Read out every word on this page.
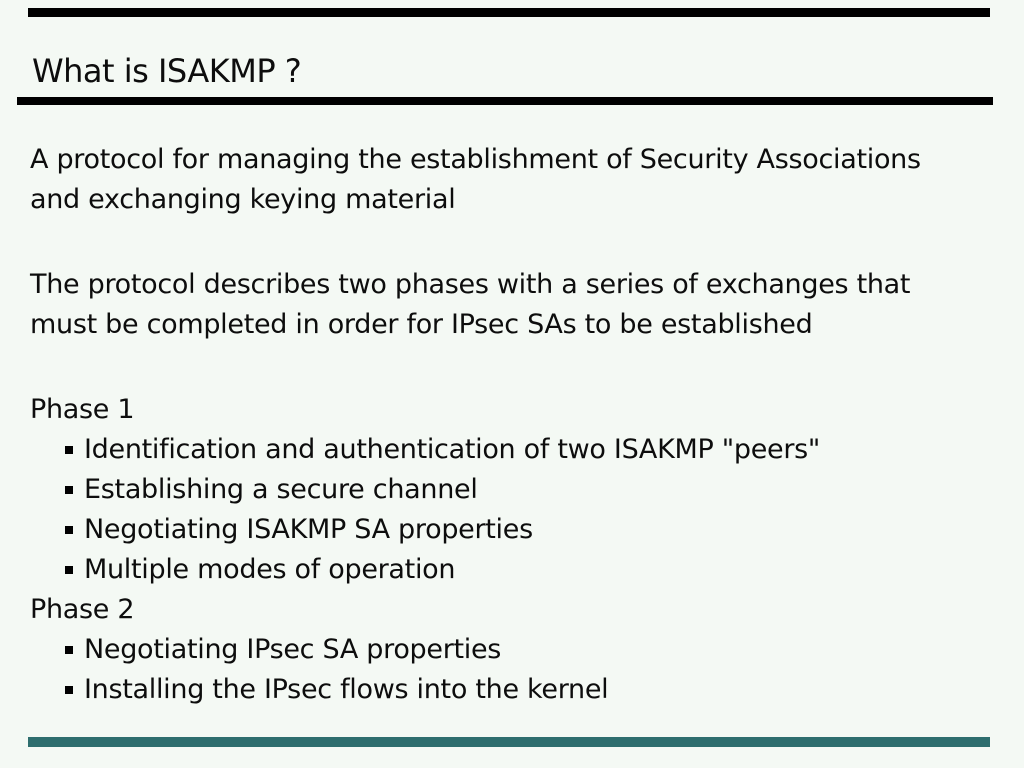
What is ISAKMP ?

A protocol for managing the establishment of Security Associations
and exchanging keying material

The protocol describes two phases with a series of exchanges that
must be completed in order for IPsec SAs to be established

Phase 1
Identification and authentication of two ISAKMP "peers"
Establishing a secure channel
Negotiating ISAKMP SA properties
Multiple modes of operation
Phase 2
Negotiating IPsec SA properties
Installing the IPsec flows into the kernel
